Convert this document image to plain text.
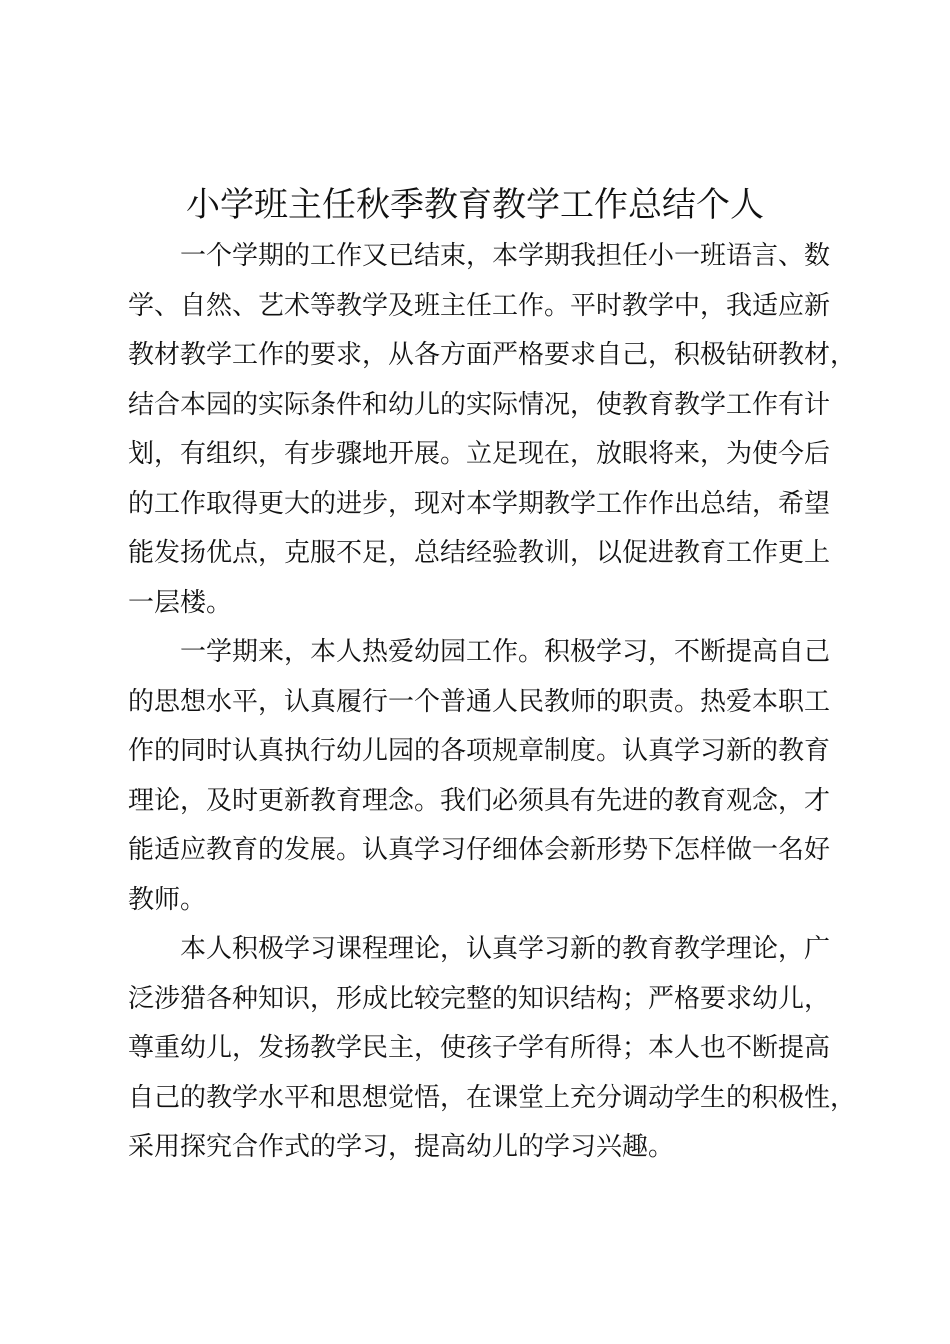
小学班主任秋季教育教学工作总结个人

一个学期的工作又已结束，本学期我担任小一班语言、数
学、自然、艺术等教学及班主任工作。平时教学中，我适应新
教材教学工作的要求，从各方面严格要求自己，积极钻研教材，
结合本园的实际条件和幼儿的实际情况，使教育教学工作有计
划，有组织，有步骤地开展。立足现在，放眼将来，为使今后
的工作取得更大的进步，现对本学期教学工作作出总结，希望
能发扬优点，克服不足，总结经验教训，以促进教育工作更上
一层楼。

一学期来，本人热爱幼园工作。积极学习，不断提高自己
的思想水平，认真履行一个普通人民教师的职责。热爱本职工
作的同时认真执行幼儿园的各项规章制度。认真学习新的教育
理论，及时更新教育理念。我们必须具有先进的教育观念，才
能适应教育的发展。认真学习仔细体会新形势下怎样做一名好
教师。

本人积极学习课程理论，认真学习新的教育教学理论，广
泛涉猎各种知识，形成比较完整的知识结构；严格要求幼儿，
尊重幼儿，发扬教学民主，使孩子学有所得；本人也不断提高
自己的教学水平和思想觉悟，在课堂上充分调动学生的积极性，
采用探究合作式的学习，提高幼儿的学习兴趣。
